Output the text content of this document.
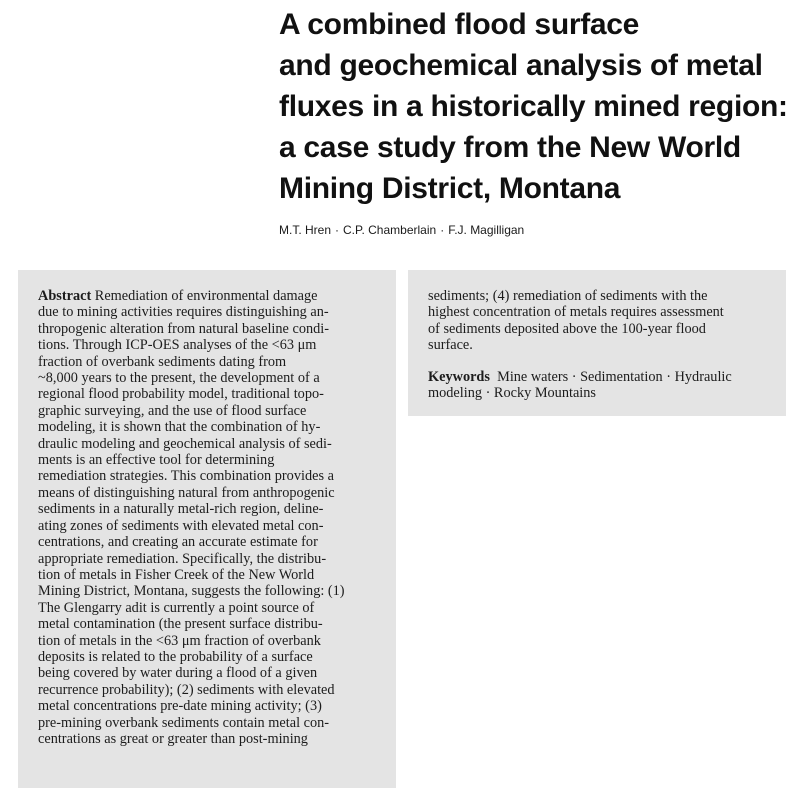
A combined flood surface
and geochemical analysis of metal
fluxes in a historically mined region:
a case study from the New World
Mining District, Montana
M.T. Hren · C.P. Chamberlain · F.J. Magilligan
Abstract Remediation of environmental damage
due to mining activities requires distinguishing an-
thropogenic alteration from natural baseline condi-
tions. Through ICP-OES analyses of the <63 μm
fraction of overbank sediments dating from
~8,000 years to the present, the development of a
regional flood probability model, traditional topo-
graphic surveying, and the use of flood surface
modeling, it is shown that the combination of hy-
draulic modeling and geochemical analysis of sedi-
ments is an effective tool for determining
remediation strategies. This combination provides a
means of distinguishing natural from anthropogenic
sediments in a naturally metal-rich region, deline-
ating zones of sediments with elevated metal con-
centrations, and creating an accurate estimate for
appropriate remediation. Specifically, the distribu-
tion of metals in Fisher Creek of the New World
Mining District, Montana, suggests the following: (1)
The Glengarry adit is currently a point source of
metal contamination (the present surface distribu-
tion of metals in the <63 μm fraction of overbank
deposits is related to the probability of a surface
being covered by water during a flood of a given
recurrence probability); (2) sediments with elevated
metal concentrations pre-date mining activity; (3)
pre-mining overbank sediments contain metal con-
centrations as great or greater than post-mining
sediments; (4) remediation of sediments with the
highest concentration of metals requires assessment
of sediments deposited above the 100-year flood
surface.
Keywords  Mine waters · Sedimentation · Hydraulic
modeling · Rocky Mountains
